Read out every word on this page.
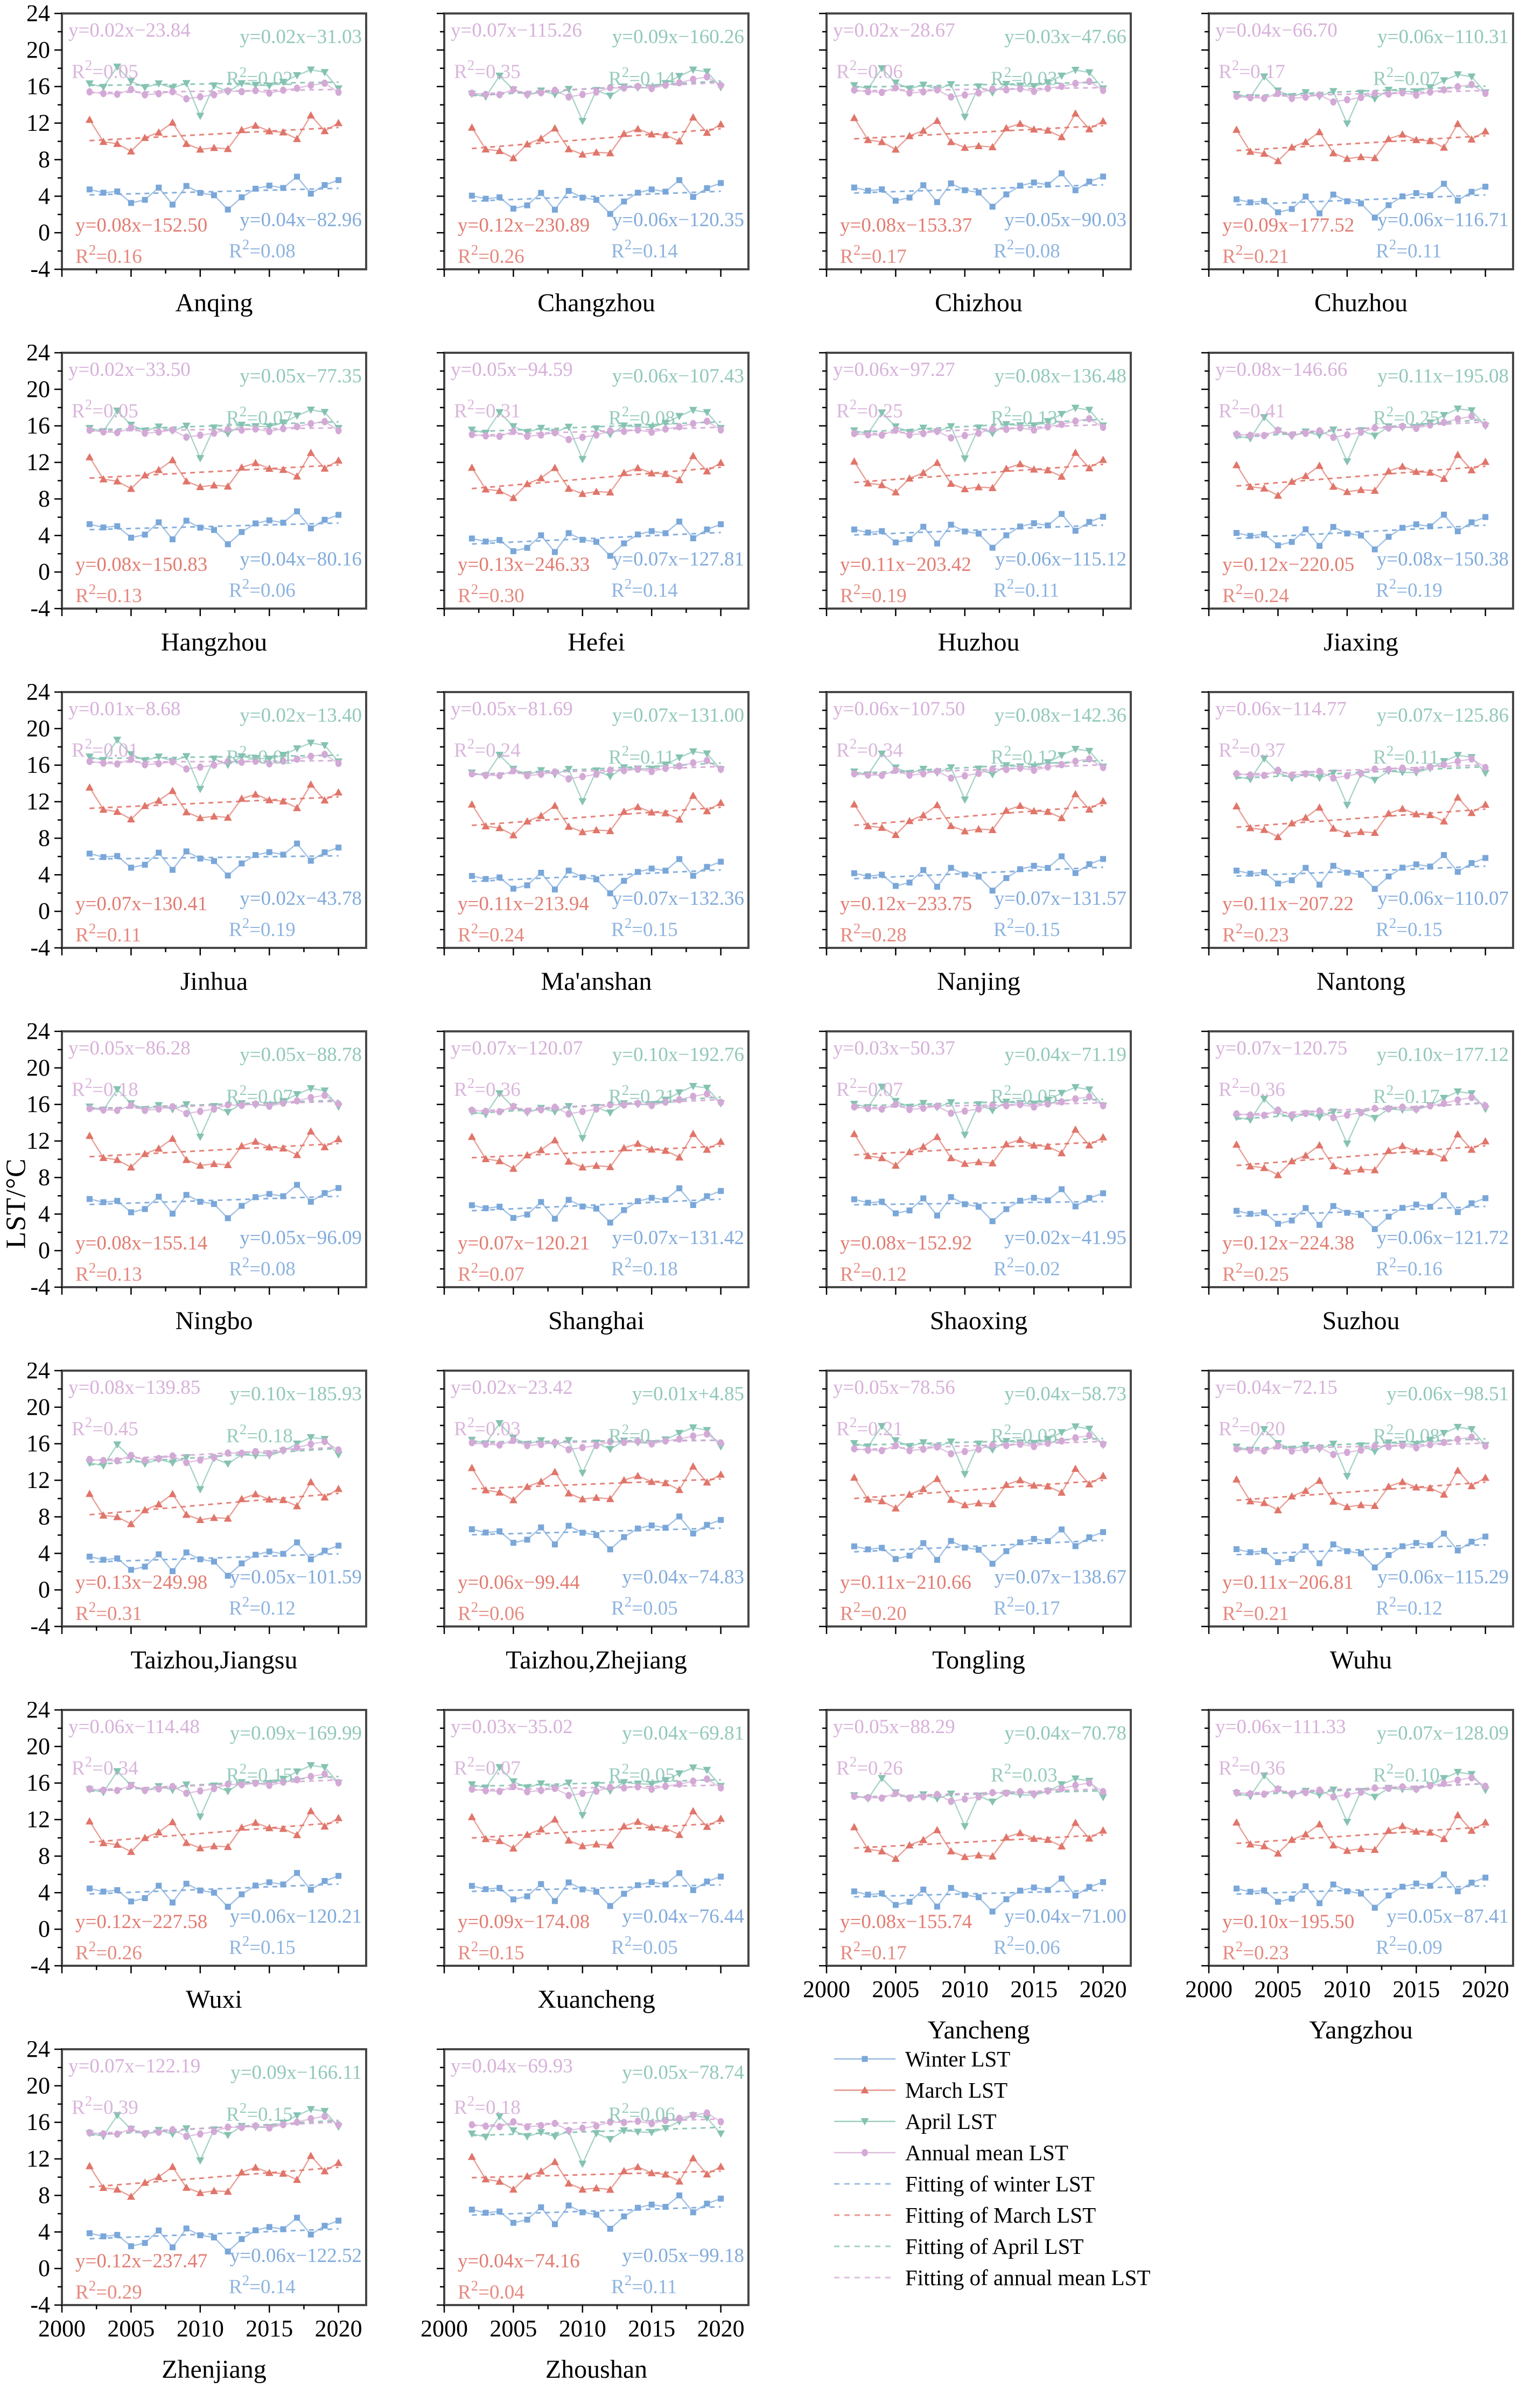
LST/°C
-4
0
4
8
12
16
20
24
y=0.02x−23.84 y=0.02x−31.03
$R^2=0.05$	$R^2=0.02$
y=0.08x−152.50 y=0.04x−82.96
$R^2=0.16$	$R^2=0.08$
Anqing
y=0.07x−115.26 y=0.09x−160.26
$R^2=0.35$	$R^2=0.14$
y=0.12x−230.89 y=0.06x−120.35
$R^2=0.26$	$R^2=0.14$
Changzhou
y=0.02x−28.67 y=0.03x−47.66
$R^2=0.06$	$R^2=0.03$
y=0.08x−153.37 y=0.05x−90.03
$R^2=0.17$	$R^2=0.08$
Chizhou
y=0.04x−66.70 y=0.06x−110.31
$R^2=0.17$	$R^2=0.07$
y=0.09x−177.52 y=0.06x−116.71
$R^2=0.21$	$R^2=0.11$
Chuzhou
-4
0
4
8
12
16
20
24
y=0.02x−33.50 y=0.05x−77.35
$R^2=0.05$	$R^2=0.07$
y=0.08x−150.83 y=0.04x−80.16
$R^2=0.13$	$R^2=0.06$
Hangzhou
y=0.05x−94.59 y=0.06x−107.43
$R^2=0.31$	$R^2=0.08$
y=0.13x−246.33 y=0.07x−127.81
$R^2=0.30$	$R^2=0.14$
Hefei
y=0.06x−97.27 y=0.08x−136.48
$R^2=0.25$	$R^2=0.13$
y=0.11x−203.42 y=0.06x−115.12
$R^2=0.19$	$R^2=0.11$
Huzhou
y=0.08x−146.66 y=0.11x−195.08
$R^2=0.41$	$R^2=0.25$
y=0.12x−220.05 y=0.08x−150.38
$R^2=0.24$	$R^2=0.19$
Jiaxing
-4
0
4
8
12
16
20
24
y=0.01x−8.68	y=0.02x−13.40
$R^2=0.01$	$R^2=0.01$
y=0.07x−130.41 y=0.02x−43.78
$R^2=0.11$	$R^2=0.19$
Jinhua
y=0.05x−81.69 y=0.07x−131.00
$R^2=0.24$	$R^2=0.11$
y=0.11x−213.94 y=0.07x−132.36
$R^2=0.24$	$R^2=0.15$
Ma'anshan
y=0.06x−107.50 y=0.08x−142.36
$R^2=0.34$	$R^2=0.12$
y=0.12x−233.75 y=0.07x−131.57
$R^2=0.28$	$R^2=0.15$
Nanjing
y=0.06x−114.77 y=0.07x−125.86
$R^2=0.37$	$R^2=0.11$
y=0.11x−207.22 y=0.06x−110.07
$R^2=0.23$	$R^2=0.15$
Nantong
-4
0
4
8
12
16
20
24
y=0.05x−86.28 y=0.05x−88.78
$R^2=0.18$	$R^2=0.07$
y=0.08x−155.14 y=0.05x−96.09
$R^2=0.13$	$R^2=0.08$
Ningbo
y=0.07x−120.07 y=0.10x−192.76
$R^2=0.36$	$R^2=0.21$
y=0.07x−120.21 y=0.07x−131.42
$R^2=0.07$	$R^2=0.18$
Shanghai
y=0.03x−50.37 y=0.04x−71.19
$R^2=0.07$	$R^2=0.05$
y=0.08x−152.92 y=0.02x−41.95
$R^2=0.12$	$R^2=0.02$
Shaoxing
y=0.07x−120.75 y=0.10x−177.12
$R^2=0.36$	$R^2=0.17$
y=0.12x−224.38 y=0.06x−121.72
$R^2=0.25$	$R^2=0.16$
Suzhou
-4
0
4
8
12
16
20
24
y=0.08x−139.85 y=0.10x−185.93
$R^2=0.45$	$R^2=0.18$
y=0.13x−249.98 y=0.05x−101.59
$R^2=0.31$	$R^2=0.12$
Taizhou,Jiangsu
y=0.02x−23.42	y=0.01x+4.85
$R^2=0.03$	$R^2=0$
y=0.06x−99.44 y=0.04x−74.83
$R^2=0.06$	$R^2=0.05$
Taizhou,Zhejiang
y=0.05x−78.56 y=0.04x−58.73
$R^2=0.21$	$R^2=0.03$
y=0.11x−210.66 y=0.07x−138.67
$R^2=0.20$	$R^2=0.17$
Tongling
y=0.04x−72.15 y=0.06x−98.51
$R^2=0.20$	$R^2=0.08$
y=0.11x−206.81 y=0.06x−115.29
$R^2=0.21$	$R^2=0.12$
Wuhu
-4
0
4
8
12
16
20
24
y=0.06x−114.48 y=0.09x−169.99
$R^2=0.34$	$R^2=0.15$
y=0.12x−227.58 y=0.06x−120.21
$R^2=0.26$	$R^2=0.15$
Wuxi
y=0.03x−35.02 y=0.04x−69.81
$R^2=0.07$	$R^2=0.05$
y=0.09x−174.08 y=0.04x−76.44
$R^2=0.15$	$R^2=0.05$
Xuancheng	2000 2005 2010 2015 2020
y=0.05x−88.29 y=0.04x−70.78
$R^2=0.26$	$R^2=0.03$
y=0.08x−155.74 y=0.04x−71.00
$R^2=0.17$	$R^2=0.06$
Yancheng
2000 2005 2010 2015 2020
y=0.06x−111.33 y=0.07x−128.09
$R^2=0.36$	$R^2=0.10$
y=0.10x−195.50 y=0.05x−87.41
$R^2=0.23$	$R^2=0.09$
Yangzhou
-4
0
4
8
12
16
20
24
2000 2005 2010 2015 2020
y=0.07x−122.19 y=0.09x−166.11
$R^2=0.39$	$R^2=0.15$
y=0.12x−237.47 y=0.06x−122.52
$R^2=0.29$	$R^2=0.14$
Zhenjiang
2000 2005 2010 2015 2020
y=0.04x−69.93 y=0.05x−78.74
$R^2=0.18$	$R^2=0.06$
y=0.04x−74.16 y=0.05x−99.18
$R^2=0.04$	$R^2=0.11$
Zhoushan
Winter LST
March LST
April LST
Annual mean LST
Fitting of winter LST
Fitting of March LST
Fitting of April LST
Fitting of annual mean LST
